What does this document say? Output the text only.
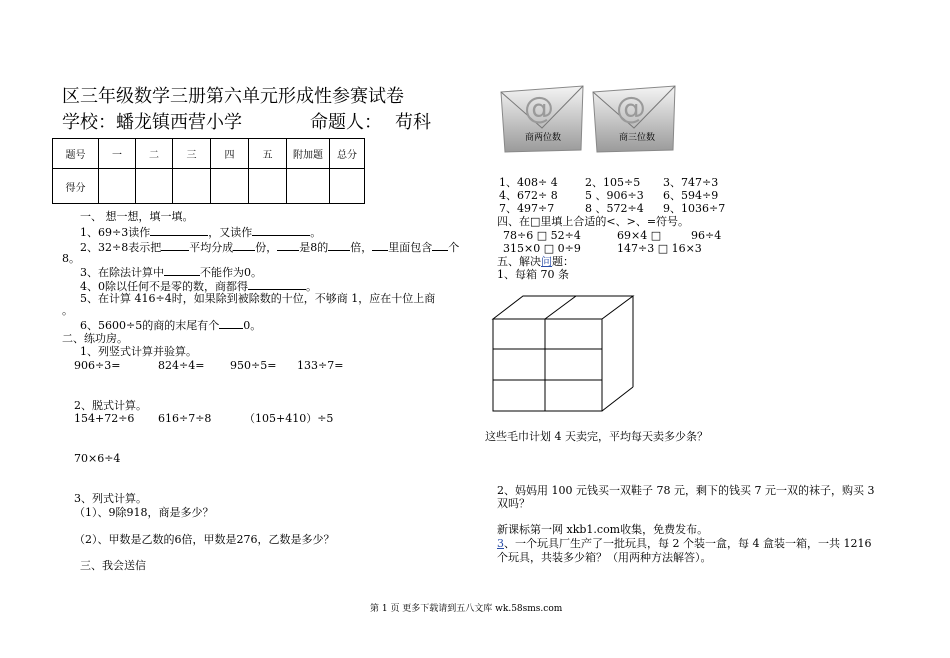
区三年级数学三册第六单元形成性参赛试卷
学校：蟠龙镇西营小学	命题人： 苟科
题号	一	二	三	四	五	附加题	总分
得分							
一、 想一想，填一填。
1、69÷3读作	，又读作	。
2、32÷8表示把	平均分成 份， 是8的 倍， 里面包含 个
8。
3、在除法计算中	不能作为0。
4、0除以任何不是零的数，商都得	。
5、在计算 416÷4时，如果除到被除数的十位，不够商 1，应在十位上商
。
6、5600÷5的商的末尾有个 0。
二、练功房。
1、列竖式计算并验算。
906÷3=	824÷4= 950÷5= 133÷7=
2、脱式计算。
154+72÷6 616÷7÷8	（105+410）÷5
70×6÷4
3、列式计算。
（1）、9除918，商是多少？
（2）、甲数是乙数的6倍，甲数是276，乙数是多少？
三、我会送信
@
商两位数
@
商三位数
1、408÷ 4 2、105÷5 3、747÷3
4、672÷ 8 5 、906÷3 6、594÷9
7、497÷7	8 、572÷4 9、1036÷7
四、在□里填上合适的<、>、=符号。
78÷6 □ 52÷4	69×4 □	96÷4
315×0 □ 0÷9	147÷3 □ 16×3
五、解决问题：
1、每箱 70 条
这些毛巾计划 4 天卖完，平均每天卖多少条？
2、妈妈用 100 元钱买一双鞋子 78 元，剩下的钱买 7 元一双的袜子，购买 3
双吗？
新课标第一网 xkb1.com收集，免费发布。
3、一个玩具厂生产了一批玩具，每 2 个装一盒，每 4 盒装一箱，一共 1216
个玩具，共装多少箱？（用两种方法解答）。
第 1 页 更多下载请到五八文库 wk.58sms.com
